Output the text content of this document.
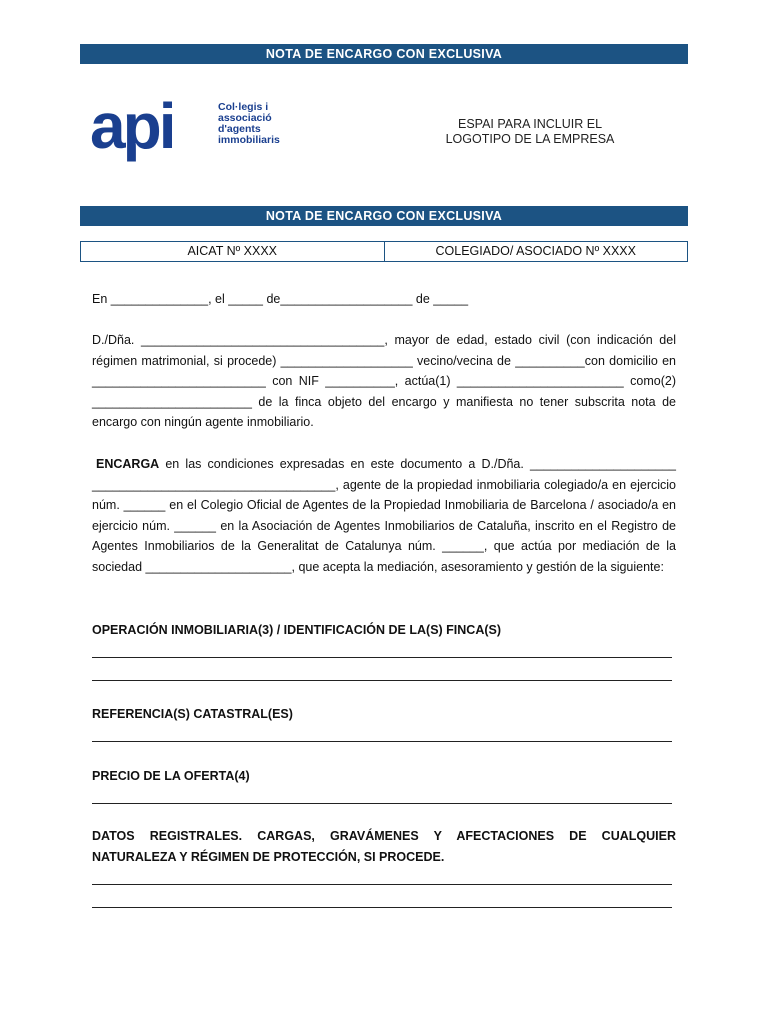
NOTA DE ENCARGO CON EXCLUSIVA
api	Col·legis i associació d'agents immobiliaris
ESPAI PARA INCLUIR EL
LOGOTIPO DE LA EMPRESA
NOTA DE ENCARGO CON EXCLUSIVA
AICAT Nº XXXX	COLEGIADO/ ASOCIADO Nº XXXX
En ______________, el _____ de___________________ de _____
D./Dña. ___________________________________, mayor de edad, estado civil (con indicación del régimen matrimonial, si procede) ___________________ vecino/vecina de __________con domicilio en _________________________ con NIF __________, actúa(1) ________________________ como(2) _______________________ de la finca objeto del encargo y manifiesta no tener subscrita nota de encargo con ningún agente inmobiliario.
ENCARGA en las condiciones expresadas en este documento a D./Dña. _____________________ ___________________________________, agente de la propiedad inmobiliaria colegiado/a en ejercicio núm. ______ en el Colegio Oficial de Agentes de la Propiedad Inmobiliaria de Barcelona / asociado/a en ejercicio núm. ______ en la Asociación de Agentes Inmobiliarios de Cataluña, inscrito en el Registro de Agentes Inmobiliarios de la Generalitat de Catalunya núm. ______, que actúa por mediación de la sociedad _____________________, que acepta la mediación, asesoramiento y gestión de la siguiente:
OPERACIÓN INMOBILIARIA(3) / IDENTIFICACIÓN DE LA(S) FINCA(S)
REFERENCIA(S) CATASTRAL(ES)
PRECIO DE LA OFERTA(4)
DATOS REGISTRALES. CARGAS, GRAVÁMENES Y AFECTACIONES DE CUALQUIER NATURALEZA Y RÉGIMEN DE PROTECCIÓN, SI PROCEDE.
